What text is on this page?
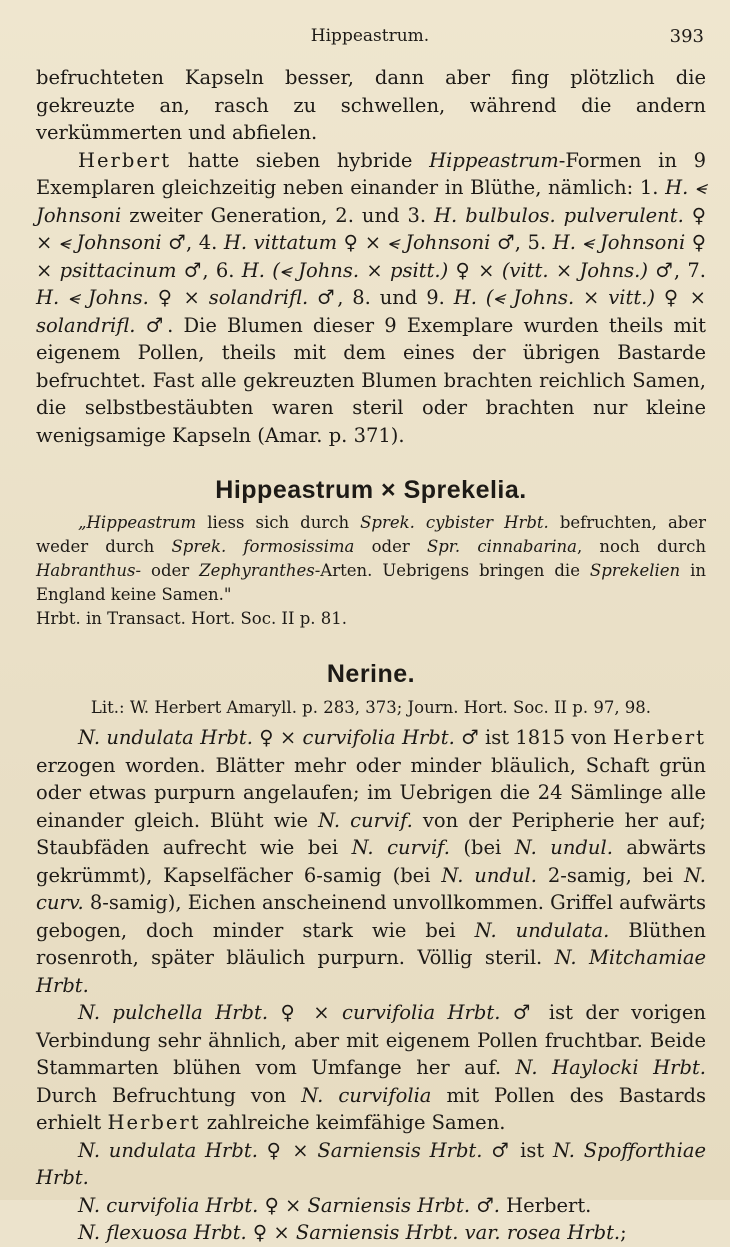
Hippeastrum.	393

befruchteten Kapseln besser, dann aber fing plötzlich die gekreuzte an, rasch zu schwellen, während die andern verkümmerten und abfielen.

Herbert hatte sieben hybride Hippeastrum-Formen in 9 Exemplaren gleichzeitig neben einander in Blüthe, nämlich: 1. H. ⪪ Johnsoni zweiter Generation, 2. und 3. H. bulbulos. pulverulent. ♀ × ⪪ Johnsoni ♂, 4. H. vittatum ♀ × ⪪ Johnsoni ♂, 5. H. ⪪ Johnsoni ♀ × psittacinum ♂, 6. H. (⪪ Johns. × psitt.) ♀ × (vitt. × Johns.) ♂, 7. H. ⪪ Johns. ♀ × solandrifl. ♂, 8. und 9. H. (⪪ Johns. × vitt.) ♀ × solandrifl. ♂. Die Blumen dieser 9 Exemplare wurden theils mit eigenem Pollen, theils mit dem eines der übrigen Bastarde befruchtet. Fast alle gekreuzten Blumen brachten reichlich Samen, die selbstbestäubten waren steril oder brachten nur kleine wenigsamige Kapseln (Amar. p. 371).

Hippeastrum × Sprekelia.

„Hippeastrum liess sich durch Sprek. cybister Hrbt. befruchten, aber weder durch Sprek. formosissima oder Spr. cinnabarina, noch durch Habranthus- oder Zephyranthes-Arten. Uebrigens bringen die Sprekelien in England keine Samen."

Hrbt. in Transact. Hort. Soc. II p. 81.

Nerine.

Lit.: W. Herbert Amaryll. p. 283, 373; Journ. Hort. Soc. II p. 97, 98.

N. undulata Hrbt. ♀ × curvifolia Hrbt. ♂ ist 1815 von Herbert erzogen worden. Blätter mehr oder minder bläulich, Schaft grün oder etwas purpurn angelaufen; im Uebrigen die 24 Sämlinge alle einander gleich. Blüht wie N. curvif. von der Peripherie her auf; Staubfäden aufrecht wie bei N. curvif. (bei N. undul. abwärts gekrümmt), Kapselfächer 6-samig (bei N. undul. 2-samig, bei N. curv. 8-samig), Eichen anscheinend unvollkommen. Griffel aufwärts gebogen, doch minder stark wie bei N. undulata. Blüthen rosenroth, später bläulich purpurn. Völlig steril. N. Mitchamiae Hrbt.

N. pulchella Hrbt. ♀ × curvifolia Hrbt. ♂ ist der vorigen Verbindung sehr ähnlich, aber mit eigenem Pollen fruchtbar. Beide Stammarten blühen vom Umfange her auf. N. Haylocki Hrbt. Durch Befruchtung von N. curvifolia mit Pollen des Bastards erhielt Herbert zahlreiche keimfähige Samen.

N. undulata Hrbt. ♀ × Sarniensis Hrbt. ♂ ist N. Spofforthiae Hrbt.

N. curvifolia Hrbt. ♀ × Sarniensis Hrbt. ♂. Herbert.

N. flexuosa Hrbt. ♀ × Sarniensis Hrbt. var. rosea Hrbt.;
